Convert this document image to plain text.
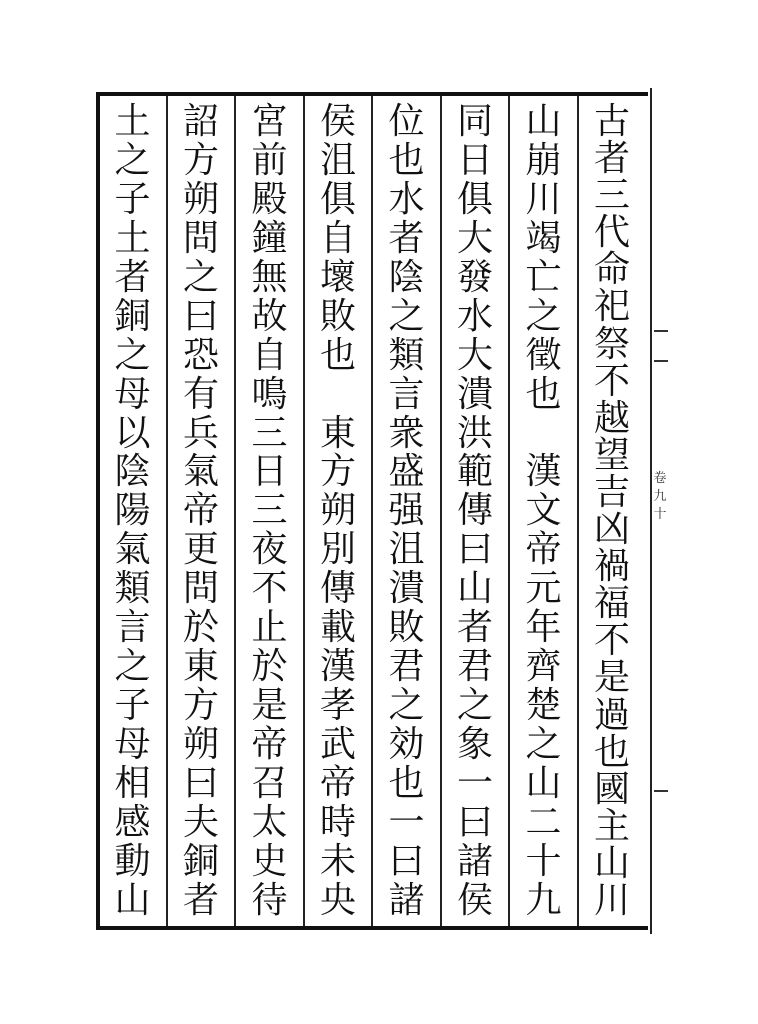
卷
九
十
古
者
三
代
命
祀
祭
不
越
望
吉
凶
禍
福
不
是
過
也
國
主
山
川
山
崩
川
竭
亡
之
徵
也

漢
文
帝
元
年
齊
楚
之
山
二
十
九
同
日
俱
大
發
水
大
潰
洪
範
傳
曰
山
者
君
之
象
一
曰
諸
侯
位
也
水
者
陰
之
類
言
衆
盛
强
沮
潰
敗
君
之
効
也
一
曰
諸
侯
沮
俱
自
壞
敗
也

東
方
朔
別
傳
載
漢
孝
武
帝
時
未
央
宮
前
殿
鐘
無
故
自
鳴
三
日
三
夜
不
止
於
是
帝
召
太
史
待
詔
方
朔
問
之
曰
恐
有
兵
氣
帝
更
問
於
東
方
朔
曰
夫
銅
者
土
之
子
土
者
銅
之
母
以
陰
陽
氣
類
言
之
子
母
相
感
動
山
